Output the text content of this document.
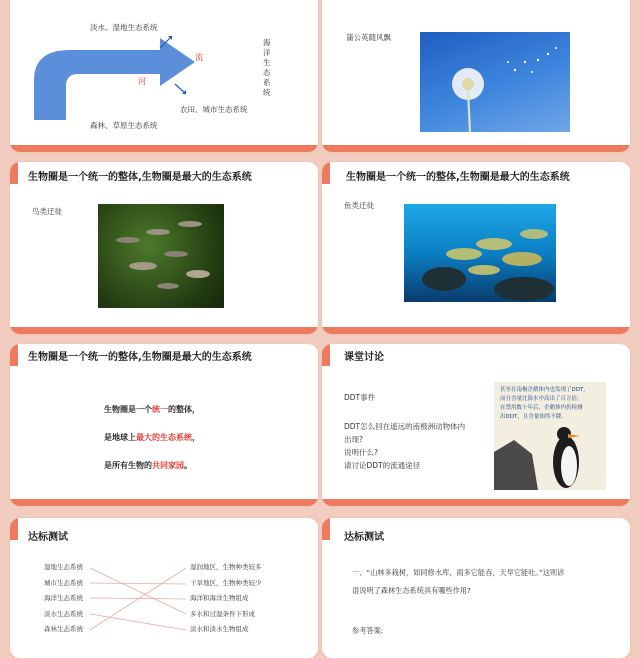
淡水、湿地生态系统
海洋生态系统
农田、城市生态系统
森林、草原生态系统
流
河
蒲公英随风飘
生物圈是一个统一的整体,生物圈是最大的生态系统
鸟类迁徙
生物圈是一个统一的整体,生物圈是最大的生态系统
鱼类迁徙
生物圈是一个统一的整体,生物圈是最大的生态系统
生物圈是一个统一的整体，
是地球上最大的生态系统，
是所有生物的共同家园。
课堂讨论
DDT事件
DDT怎么回在遥远的南极洲动物体内
出现?
说明什么?
请讨论DDT的流通途径
甚至在南极企鹅体内也发现了DDT,
而且含量比海水中高出了百万倍。
在禁用数十年后，企鹅体内仍检测
出DDT，且含量始终不降。
达标测试
湿地生态系统
城市生态系统
海洋生态系统
淡水生态系统
森林生态系统
湿润地区，生物种类较多
干旱地区，生物种类较少
海洋和海洋生物组成
多水和过湿条件下形成
淡水和淡水生物组成
达标测试
一、“山林多栽树，如同修水库，雨多它能吞，天旱它能吐。”这则谚
语说明了森林生态系统具有哪些作用?
参考答案:
